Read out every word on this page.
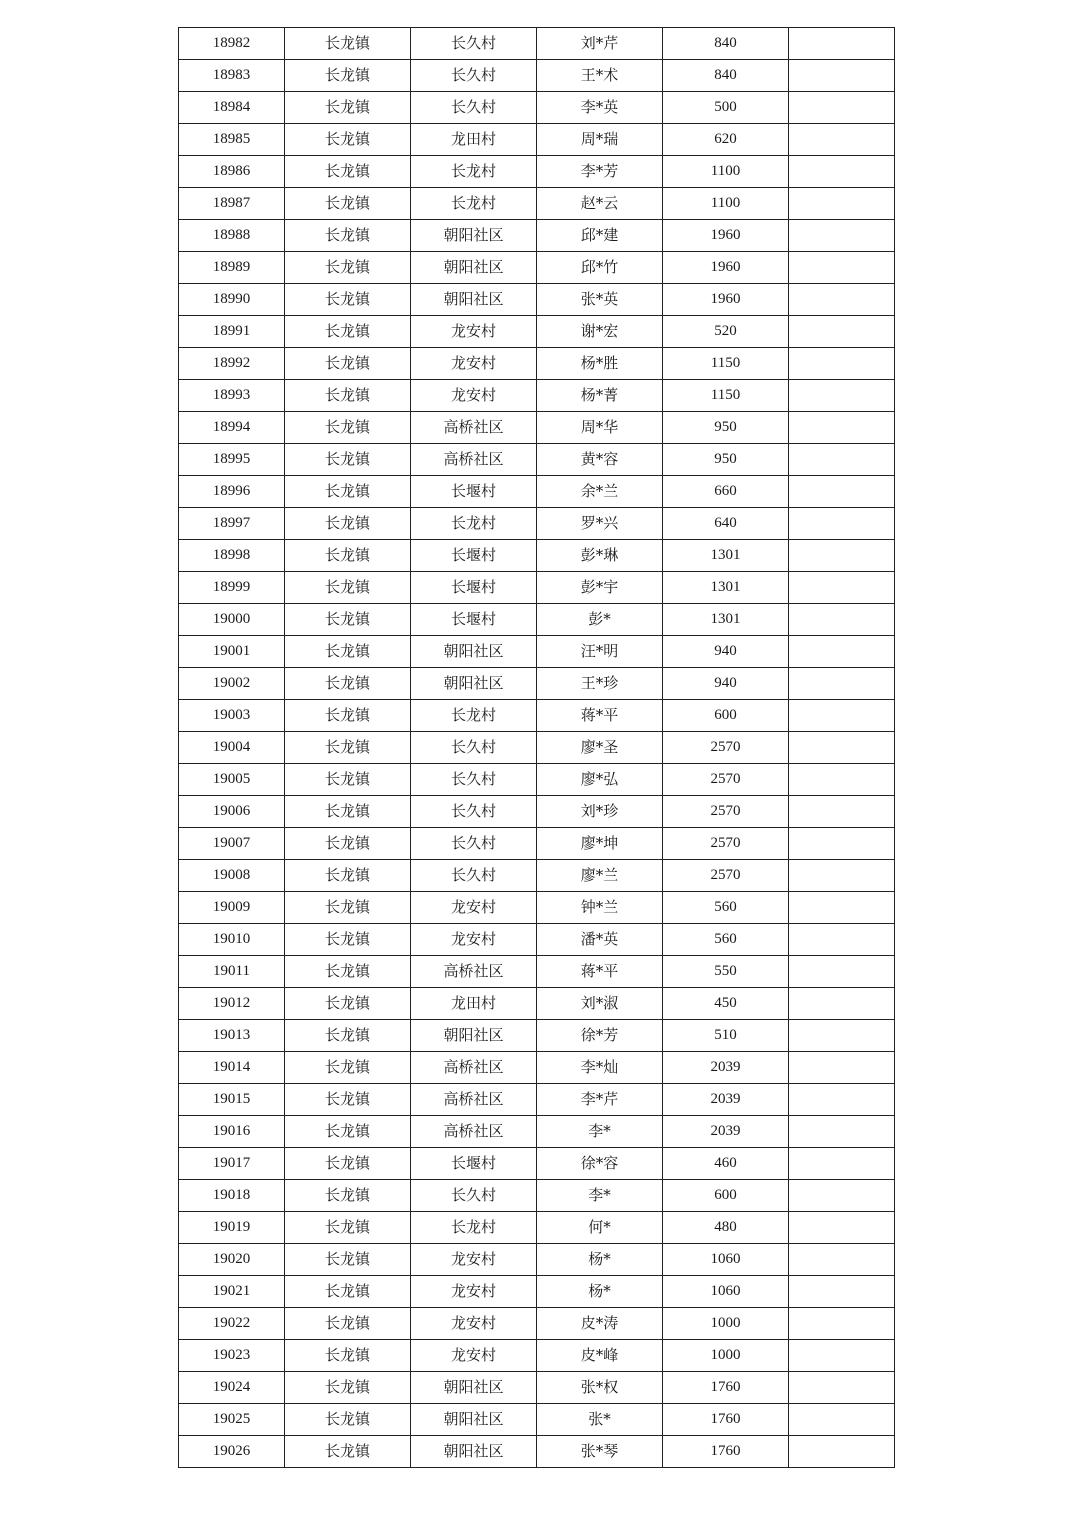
18982	长龙镇	长久村	刘*芹	840	
18983	长龙镇	长久村	王*术	840	
18984	长龙镇	长久村	李*英	500	
18985	长龙镇	龙田村	周*瑞	620	
18986	长龙镇	长龙村	李*芳	1100	
18987	长龙镇	长龙村	赵*云	1100	
18988	长龙镇	朝阳社区	邱*建	1960	
18989	长龙镇	朝阳社区	邱*竹	1960	
18990	长龙镇	朝阳社区	张*英	1960	
18991	长龙镇	龙安村	谢*宏	520	
18992	长龙镇	龙安村	杨*胜	1150	
18993	长龙镇	龙安村	杨*菁	1150	
18994	长龙镇	高桥社区	周*华	950	
18995	长龙镇	高桥社区	黄*容	950	
18996	长龙镇	长堰村	余*兰	660	
18997	长龙镇	长龙村	罗*兴	640	
18998	长龙镇	长堰村	彭*琳	1301	
18999	长龙镇	长堰村	彭*宇	1301	
19000	长龙镇	长堰村	彭*	1301	
19001	长龙镇	朝阳社区	汪*明	940	
19002	长龙镇	朝阳社区	王*珍	940	
19003	长龙镇	长龙村	蒋*平	600	
19004	长龙镇	长久村	廖*圣	2570	
19005	长龙镇	长久村	廖*弘	2570	
19006	长龙镇	长久村	刘*珍	2570	
19007	长龙镇	长久村	廖*坤	2570	
19008	长龙镇	长久村	廖*兰	2570	
19009	长龙镇	龙安村	钟*兰	560	
19010	长龙镇	龙安村	潘*英	560	
19011	长龙镇	高桥社区	蒋*平	550	
19012	长龙镇	龙田村	刘*淑	450	
19013	长龙镇	朝阳社区	徐*芳	510	
19014	长龙镇	高桥社区	李*灿	2039	
19015	长龙镇	高桥社区	李*芹	2039	
19016	长龙镇	高桥社区	李*	2039	
19017	长龙镇	长堰村	徐*容	460	
19018	长龙镇	长久村	李*	600	
19019	长龙镇	长龙村	何*	480	
19020	长龙镇	龙安村	杨*	1060	
19021	长龙镇	龙安村	杨*	1060	
19022	长龙镇	龙安村	皮*涛	1000	
19023	长龙镇	龙安村	皮*峰	1000	
19024	长龙镇	朝阳社区	张*权	1760	
19025	长龙镇	朝阳社区	张*	1760	
19026	长龙镇	朝阳社区	张*琴	1760	
